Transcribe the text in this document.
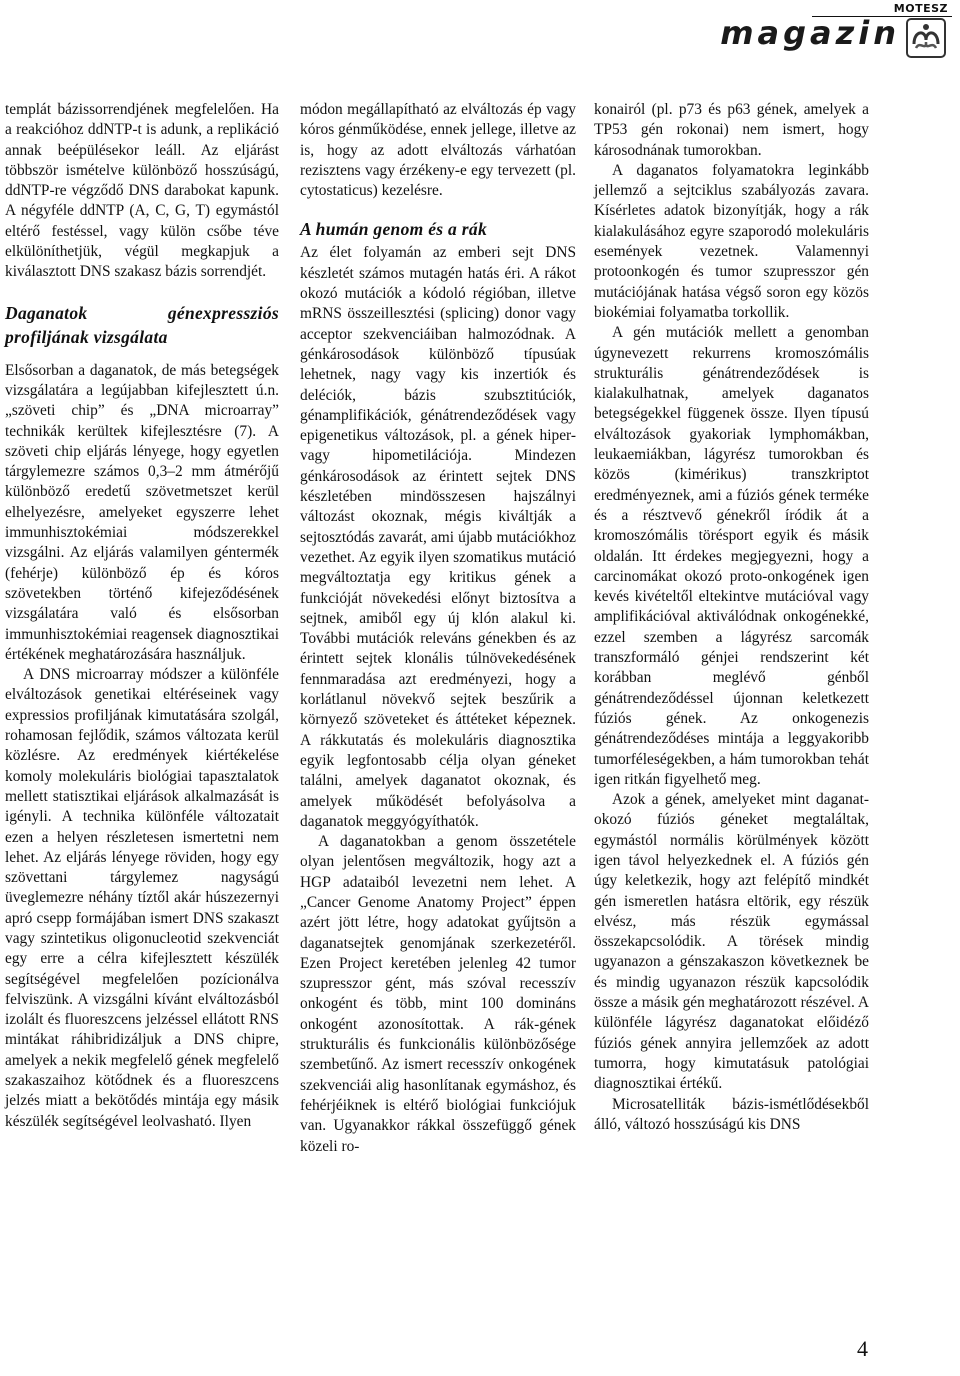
MOTESZ
magazin

templát bázissorrendjének megfelelően. Ha a reakcióhoz ddNTP-t is adunk, a replikáció annak beépülésekor leáll. Az eljárást többször ismételve különböző hosszúságú, ddNTP-re végződő DNS darabokat kapunk. A négyféle ddNTP (A, C, G, T) egymástól eltérő festéssel, vagy külön csőbe téve elkülöníthetjük, végül megkapjuk a kiválasztott DNS szakasz bázis sorrendjét.

Daganatok génexpressziós profiljának vizsgálata

Elsősorban a daganatok, de más betegségek vizsgálatára a legújabban kifejlesztett ú.n. „szöveti chip” és „DNA microarray” technikák kerültek kifejlesztésre (7). A szöveti chip eljárás lényege, hogy egyetlen tárgylemezre számos 0,3–2 mm átmérőjű különböző eredetű szövetmetszet kerül elhelyezésre, amelyeket egyszerre lehet immunhisztokémiai módszerekkel vizsgálni. Az eljárás valamilyen géntermék (fehérje) különböző ép és kóros szövetekben történő kifejeződésének vizsgálatára való és elsősorban immunhisztokémiai reagensek diagnosztikai értékének meghatározására használjuk.

A DNS microarray módszer a különféle elváltozások genetikai eltéréseinek vagy expressios profiljának kimutatására szolgál, rohamosan fejlődik, számos változata kerül közlésre. Az eredmények kiértékelése komoly molekuláris biológiai tapasztalatok mellett statisztikai eljárások alkalmazását is igényli. A technika különféle változatait ezen a helyen részletesen ismertetni nem lehet. Az eljárás lényege röviden, hogy egy szövettani tárgylemez nagyságú üveglemezre néhány tíztől akár húszezernyi apró csepp formájában ismert DNS szakaszt vagy szintetikus oligonucleotid szekvenciát egy erre a célra kifejlesztett készülék segítségével megfelelően pozícionálva felviszünk. A vizsgálni kívánt elváltozásból izolált és fluoreszcens jelzéssel ellátott RNS mintákat ráhibridizáljuk a DNS chipre, amelyek a nekik megfelelő gének megfelelő szakaszaihoz kötődnek és a fluoreszcens jelzés miatt a bekötődés mintája egy másik készülék segítségével leolvasható. Ilyen

módon megállapítható az elváltozás ép vagy kóros génműködése, ennek jellege, illetve az is, hogy az adott elváltozás várhatóan rezisztens vagy érzékeny-e egy tervezett (pl. cytostaticus) kezelésre.

A humán genom és a rák

Az élet folyamán az emberi sejt DNS készletét számos mutagén hatás éri. A rákot okozó mutációk a kódoló régióban, illetve mRNS összeillesztési (splicing) donor vagy acceptor szekvenciáiban halmozódnak. A génkárosodások különböző típusúak lehetnek, nagy vagy kis inzertiók és deléciók, bázis szubsztitúciók, génamplifikációk, génátrendeződések vagy epigenetikus változások, pl. a gének hiper- vagy hipometilációja. Mindezen génkárosodások az érintett sejtek DNS készletében mindösszesen hajszálnyi változást okoznak, mégis kiváltják a sejtosztódás zavarát, ami újabb mutációkhoz vezethet. Az egyik ilyen szomatikus mutáció megváltoztatja egy kritikus gének a funkcióját növekedési előnyt biztosítva a sejtnek, amiből egy új klón alakul ki. További mutációk releváns génekben és az érintett sejtek klonális túlnövekedésének fennmaradása azt eredményezi, hogy a korlátlanul növekvő sejtek beszűrik a környező szöveteket és áttéteket képeznek. A rákkutatás és molekuláris diagnosztika egyik legfontosabb célja olyan géneket találni, amelyek daganatot okoznak, és amelyek működését befolyásolva a daganatok meggyógyíthatók.

A daganatokban a genom összetétele olyan jelentősen megváltozik, hogy azt a HGP adataiból levezetni nem lehet. A „Cancer Genome Anatomy Project” éppen azért jött létre, hogy adatokat gyűjtsön a daganatsejtek genomjának szerkezetéről. Ezen Project keretében jelenleg 42 tumor szupresszor gént, más szóval recesszív onkogént és több, mint 100 domináns onkogént azonosítottak. A rák-gének strukturális és funkcionális különbözősége szembetűnő. Az ismert recesszív onkogének szekvenciái alig hasonlítanak egymáshoz, és fehérjéiknek is eltérő biológiai funkciójuk van. Ugyanakkor rákkal összefüggő gének közeli ro-

konairól (pl. p73 és p63 gének, amelyek a TP53 gén rokonai) nem ismert, hogy károsodnának tumorokban.

A daganatos folyamatokra leginkább jellemző a sejtciklus szabályozás zavara. Kísérletes adatok bizonyítják, hogy a rák kialakulásához egyre szaporodó molekuláris események vezetnek. Valamennyi protoonkogén és tumor szupresszor gén mutációjának hatása végső soron egy közös biokémiai folyamatba torkollik.

A gén mutációk mellett a genomban úgynevezett rekurrens kromoszómális strukturális génátrendeződések is kialakulhatnak, amelyek daganatos betegségekkel függenek össze. Ilyen típusú elváltozások gyakoriak lymphomákban, leukaemiákban, lágyrész tumorokban és közös (kimérikus) transzkriptot eredményeznek, ami a fúziós gének terméke és a résztvevő génekről íródik át a kromoszómális törésport egyik és másik oldalán. Itt érdekes megjegyezni, hogy a carcinomákat okozó proto-onkogének igen kevés kivételtől eltekintve mutációval vagy amplifikációval aktiválódnak onkogénekké, ezzel szemben a lágyrész sarcomák transzformáló génjei rendszerint két korábban meglévő génből génátrendeződéssel újonnan keletkezett fúziós gének. Az onkogenezis génátrendeződéses mintája a leggyakoribb tumorféleségekben, a hám tumorokban tehát igen ritkán figyelhető meg.

Azok a gének, amelyeket mint daganat-okozó fúziós géneket megtaláltak, egymástól normális körülmények között igen távol helyezkednek el. A fúziós gén úgy keletkezik, hogy azt felépítő mindkét gén ismeretlen hatásra eltörik, egy részük elvész, más részük egymással összekapcsolódik. A törések mindig ugyanazon a génszakaszon következnek be és mindig ugyanazon részük kapcsolódik össze a másik gén meghatározott részével. A különféle lágyrész daganatokat előidéző fúziós gének annyira jellemzőek az adott tumorra, hogy kimutatásuk patológiai diagnosztikai értékű.

Microsatelliták bázis-ismétlődésekből álló, változó hosszúságú kis DNS

4
